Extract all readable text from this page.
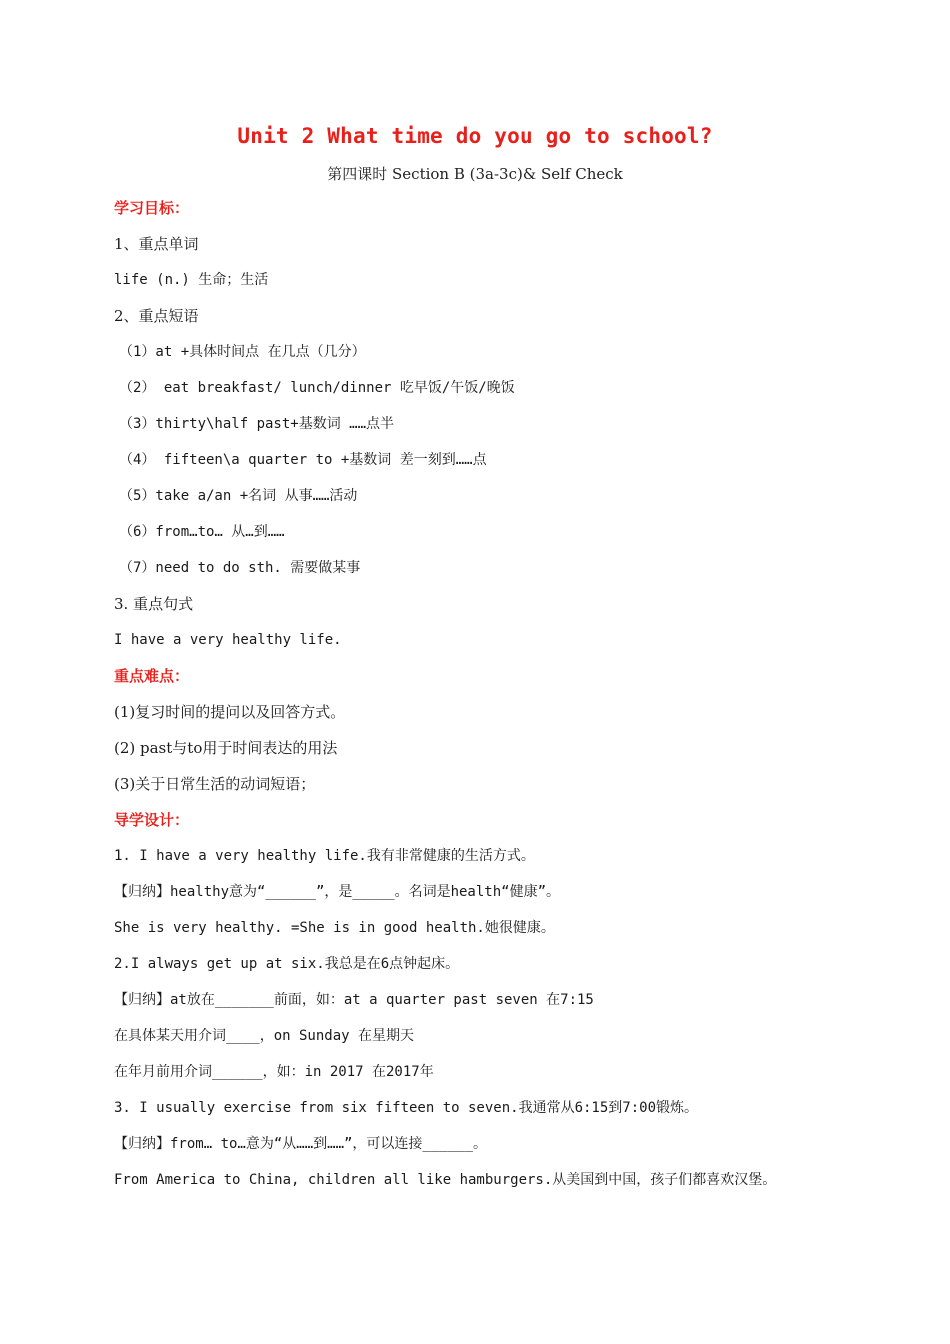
Unit 2 What time do you go to school?
第四课时 Section B (3a-3c)& Self Check
学习目标：
1、重点单词
life (n.) 生命；生活
2、重点短语
（1）at +具体时间点 在几点（几分）
（2） eat breakfast/ lunch/dinner 吃早饭/午饭/晚饭
（3）thirty\half past+基数词 ……点半
（4） fifteen\a quarter to +基数词 差一刻到……点
（5）take a/an +名词 从事……活动
（6）from…to… 从…到……
（7）need to do sth. 需要做某事
3. 重点句式
I have a very healthy life.
重点难点：
(1)复习时间的提问以及回答方式。
(2) past与to用于时间表达的用法
(3)关于日常生活的动词短语；
导学设计：
1. I have a very healthy life.我有非常健康的生活方式。
【归纳】healthy意为“______”，是_____。名词是health“健康”。
She is very healthy. =She is in good health.她很健康。
2.I always get up at six.我总是在6点钟起床。
【归纳】at放在_______前面，如：at a quarter past seven 在7:15
在具体某天用介词____，on Sunday 在星期天
在年月前用介词______，如：in 2017 在2017年
3. I usually exercise from six fifteen to seven.我通常从6:15到7:00锻炼。
【归纳】from… to…意为“从……到……”，可以连接______。
From America to China, children all like hamburgers.从美国到中国，孩子们都喜欢汉堡。
